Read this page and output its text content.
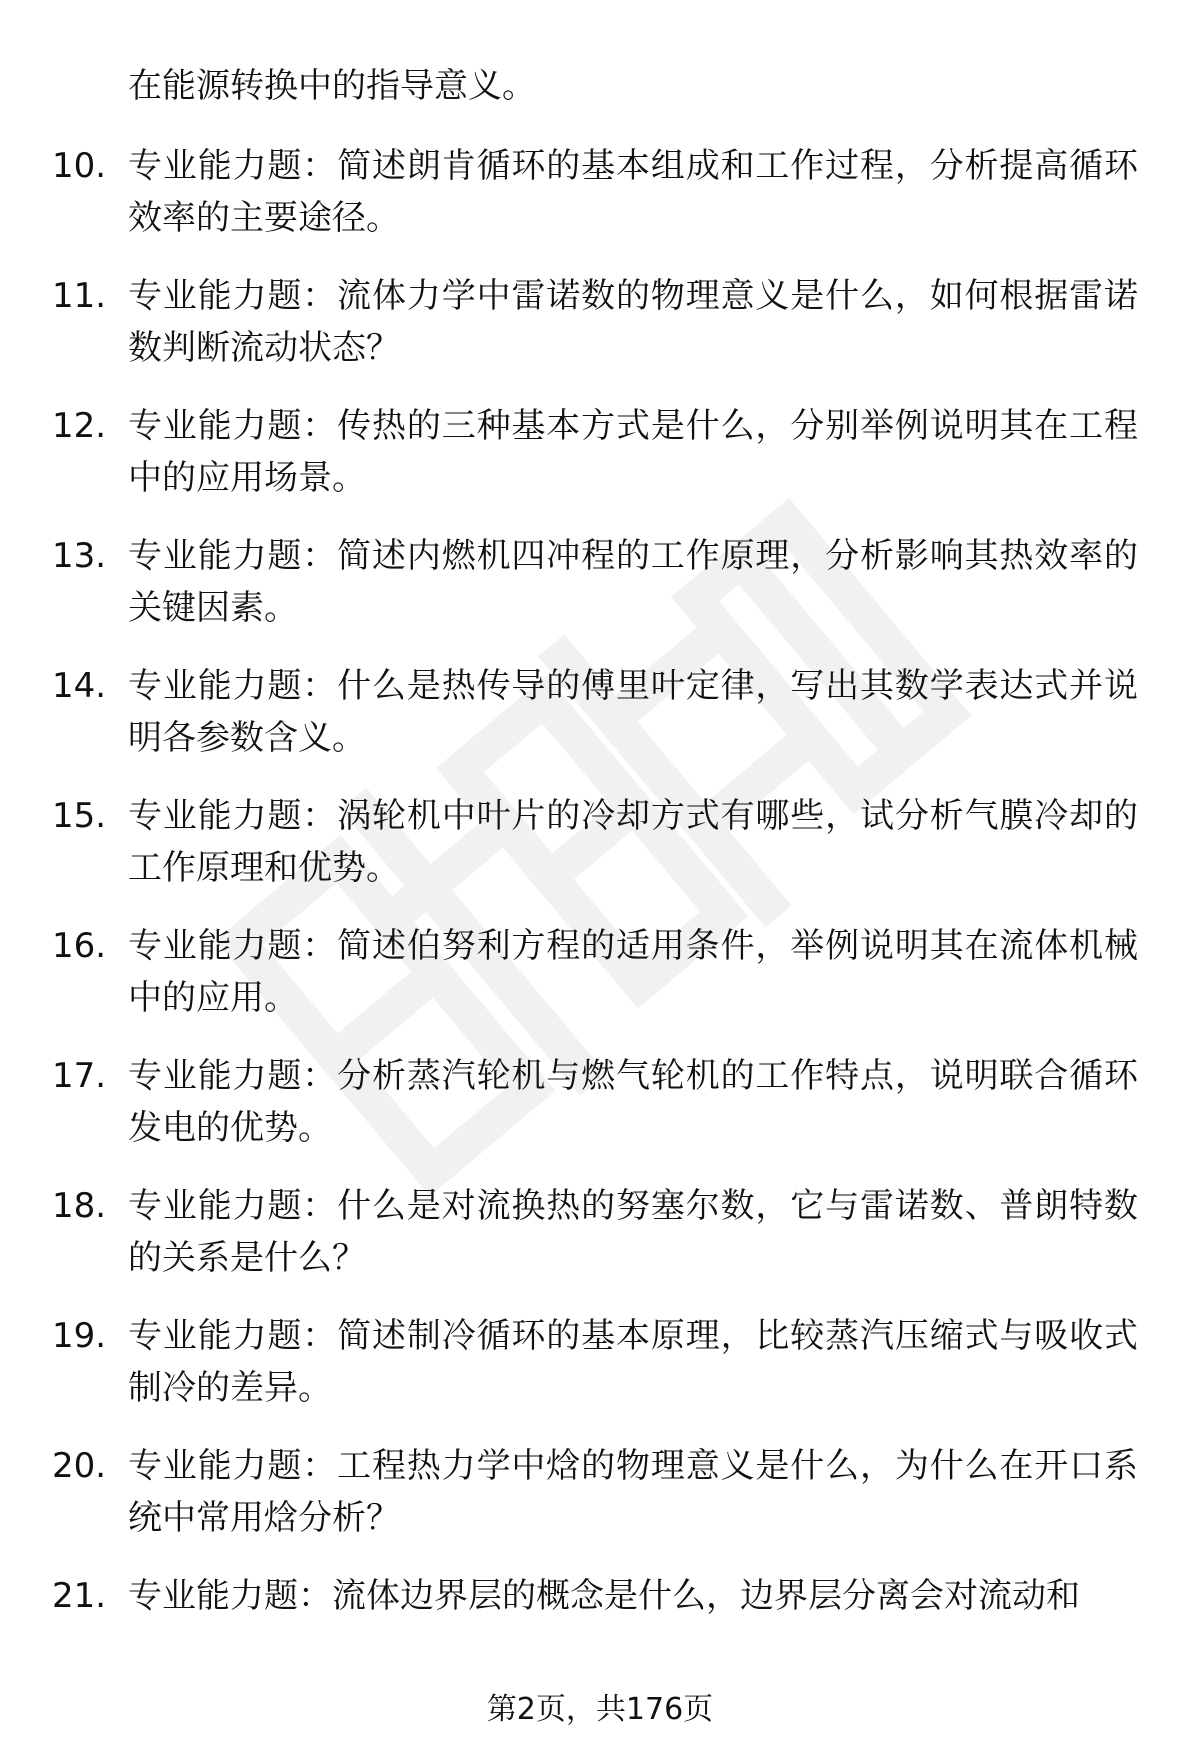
在能源转换中的指导意义。

10. 专业能力题：简述朗肯循环的基本组成和工作过程，分析提高循环效率的主要途径。
11. 专业能力题：流体力学中雷诺数的物理意义是什么，如何根据雷诺数判断流动状态？
12. 专业能力题：传热的三种基本方式是什么，分别举例说明其在工程中的应用场景。
13. 专业能力题：简述内燃机四冲程的工作原理，分析影响其热效率的关键因素。
14. 专业能力题：什么是热传导的傅里叶定律，写出其数学表达式并说明各参数含义。
15. 专业能力题：涡轮机中叶片的冷却方式有哪些，试分析气膜冷却的工作原理和优势。
16. 专业能力题：简述伯努利方程的适用条件，举例说明其在流体机械中的应用。
17. 专业能力题：分析蒸汽轮机与燃气轮机的工作特点，说明联合循环发电的优势。
18. 专业能力题：什么是对流换热的努塞尔数，它与雷诺数、普朗特数的关系是什么？
19. 专业能力题：简述制冷循环的基本原理，比较蒸汽压缩式与吸收式制冷的差异。
20. 专业能力题：工程热力学中焓的物理意义是什么，为什么在开口系统中常用焓分析？
21. 专业能力题：流体边界层的概念是什么，边界层分离会对流动和
第2页，共176页
